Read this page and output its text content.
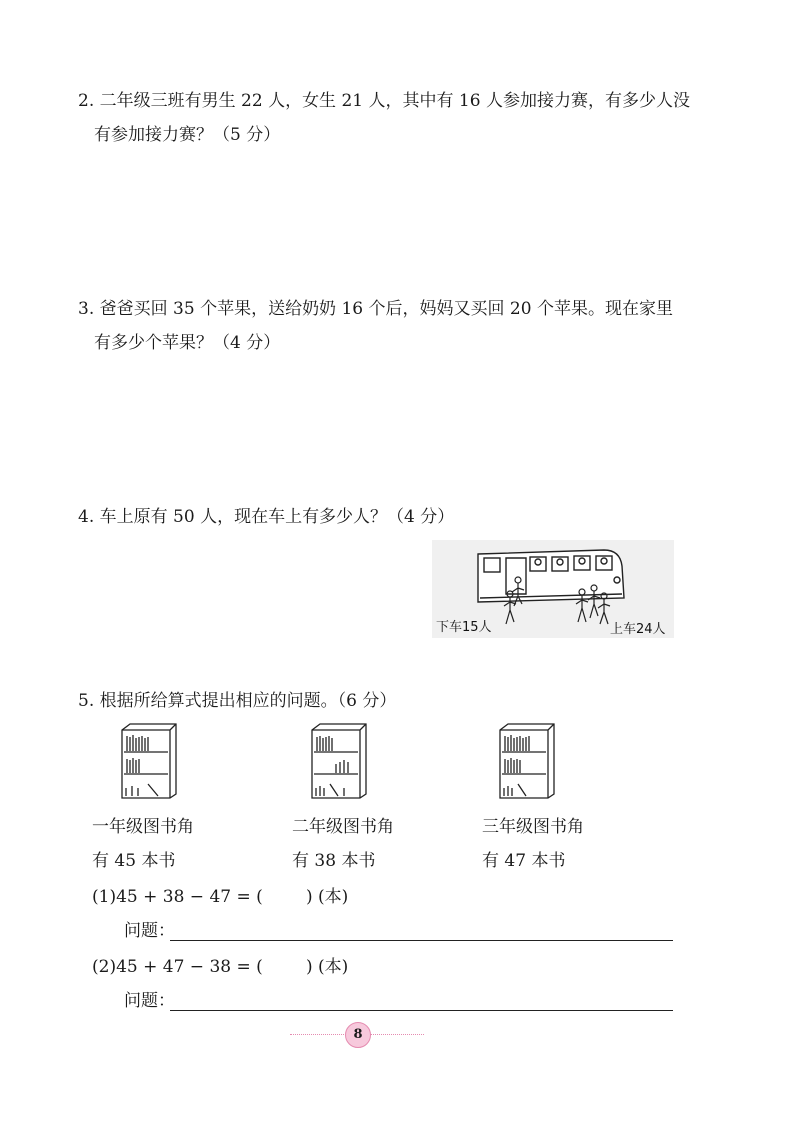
2. 二年级三班有男生 22 人，女生 21 人，其中有 16 人参加接力赛，有多少人没
有参加接力赛？（5 分）
3. 爸爸买回 35 个苹果，送给奶奶 16 个后，妈妈又买回 20 个苹果。现在家里
有多少个苹果？（4 分）
4. 车上原有 50 人，现在车上有多少人？（4 分）
下车15人	上车24人
5. 根据所给算式提出相应的问题。（6 分）
一年级图书角
有 45 本书
二年级图书角
有 38 本书
三年级图书角
有 47 本书
(1)45 + 38 − 47 = (        ) (本)
问题：
(2)45 + 47 − 38 = (        ) (本)
问题：
8
